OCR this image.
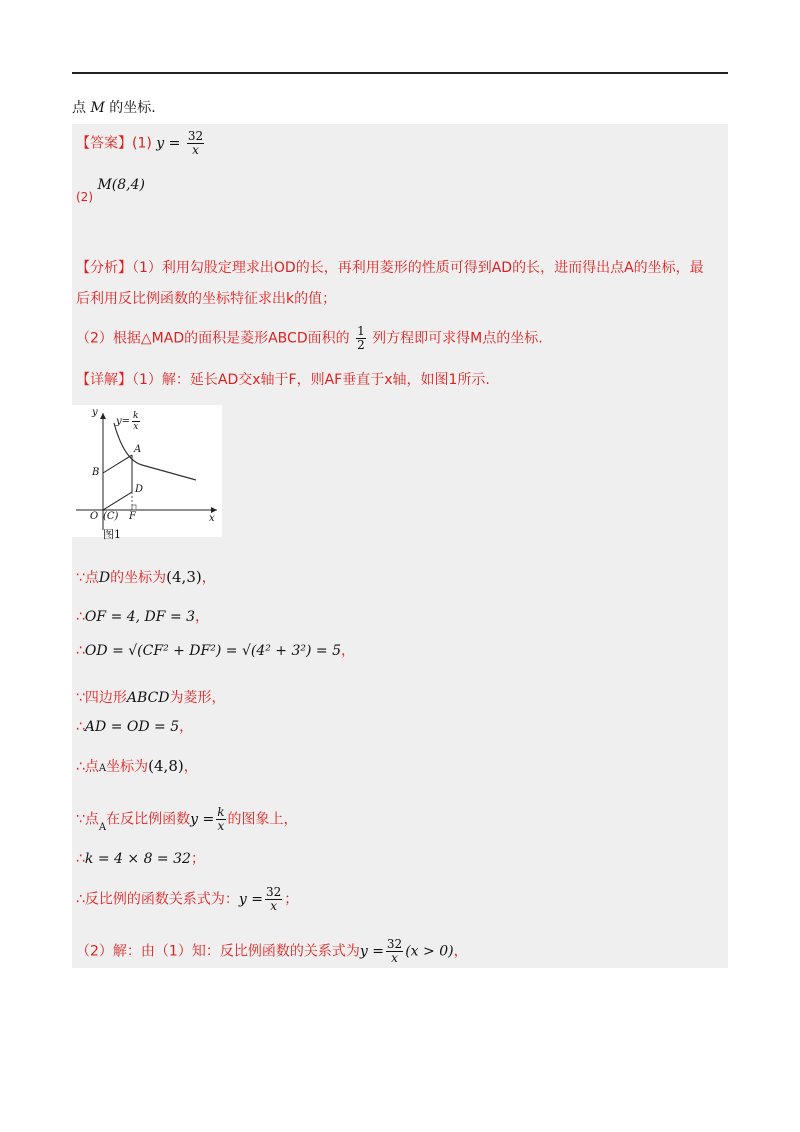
点 M 的坐标.
【答案】(1) $y = \frac{32}{x}$
(2) M(8,4)
【分析】（1）利用勾股定理求出OD的长，再利用菱形的性质可得到AD的长，进而得出点A的坐标，最
后利用反比例函数的坐标特征求出k的值；
（2）根据△MAD的面积是菱形ABCD面积的 $\frac{1}{2}$ 列方程即可求得M点的坐标.
【详解】（1）解：延长AD交x轴于F，则AF垂直于x轴，如图1所示.
y
$y= \frac{k}{x}$
A
B
D
O (C) F	x
图1
∵点D的坐标为(4,3)，
∴OF = 4, DF = 3，
∴OD = √(CF² + DF²) = √(4² + 3²) = 5，
∵四边形ABCD为菱形，
∴AD = OD = 5，
∴点A坐标为(4,8)，
∵点$_A$在反比例函数$y = \frac{k}{x}$ 的图象上，
∴k = 4 × 8 = 32；
∴反比例的函数关系式为：$y = \frac{32}{x}$ ；
（2）解：由（1）知：反比例函数的关系式为$y = \frac{32}{x} (x > 0)$，
